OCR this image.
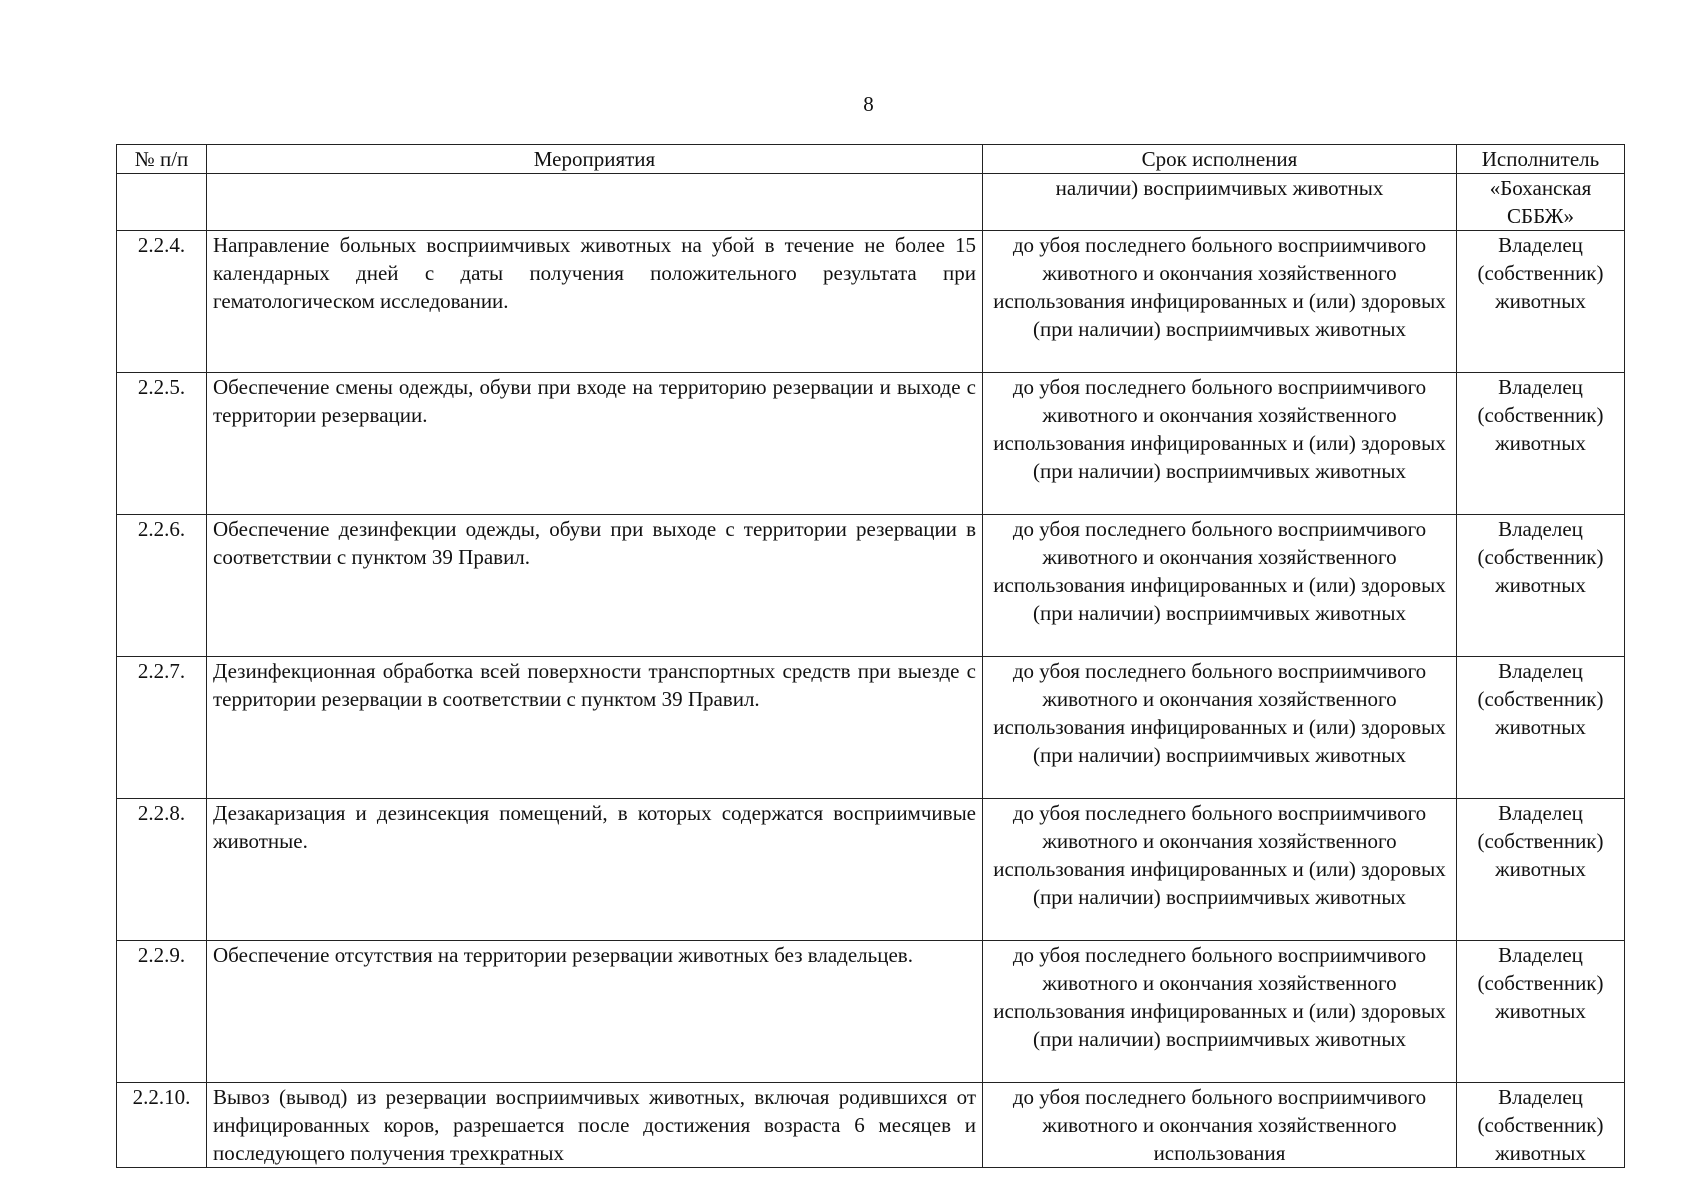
8
№ п/п	Мероприятия	Срок исполнения	Исполнитель
		наличии) восприимчивых животных	«Боханская СББЖ»
2.2.4.	Направление больных восприимчивых животных на убой в течение не более 15 календарных дней с даты получения положительного результата при гематологическом исследовании.	до убоя последнего больного восприимчивого животного и окончания хозяйственного использования инфицированных и (или) здоровых (при наличии) восприимчивых животных	Владелец (собственник) животных
2.2.5.	Обеспечение смены одежды, обуви при входе на территорию резервации и выходе с территории резервации.	до убоя последнего больного восприимчивого животного и окончания хозяйственного использования инфицированных и (или) здоровых (при наличии) восприимчивых животных	Владелец (собственник) животных
2.2.6.	Обеспечение дезинфекции одежды, обуви при выходе с территории резервации в соответствии с пунктом 39 Правил.	до убоя последнего больного восприимчивого животного и окончания хозяйственного использования инфицированных и (или) здоровых (при наличии) восприимчивых животных	Владелец (собственник) животных
2.2.7.	Дезинфекционная обработка всей поверхности транспортных средств при выезде с территории резервации в соответствии с пунктом 39 Правил.	до убоя последнего больного восприимчивого животного и окончания хозяйственного использования инфицированных и (или) здоровых (при наличии) восприимчивых животных	Владелец (собственник) животных
2.2.8.	Дезакаризация и дезинсекция помещений, в которых содержатся восприимчивые животные.	до убоя последнего больного восприимчивого животного и окончания хозяйственного использования инфицированных и (или) здоровых (при наличии) восприимчивых животных	Владелец (собственник) животных
2.2.9.	Обеспечение отсутствия на территории резервации животных без владельцев.	до убоя последнего больного восприимчивого животного и окончания хозяйственного использования инфицированных и (или) здоровых (при наличии) восприимчивых животных	Владелец (собственник) животных
2.2.10.	Вывоз (вывод) из резервации восприимчивых животных, включая родившихся от инфицированных коров, разрешается после достижения возраста 6 месяцев и последующего получения трехкратных	до убоя последнего больного восприимчивого животного и окончания хозяйственного использования	Владелец (собственник) животных
